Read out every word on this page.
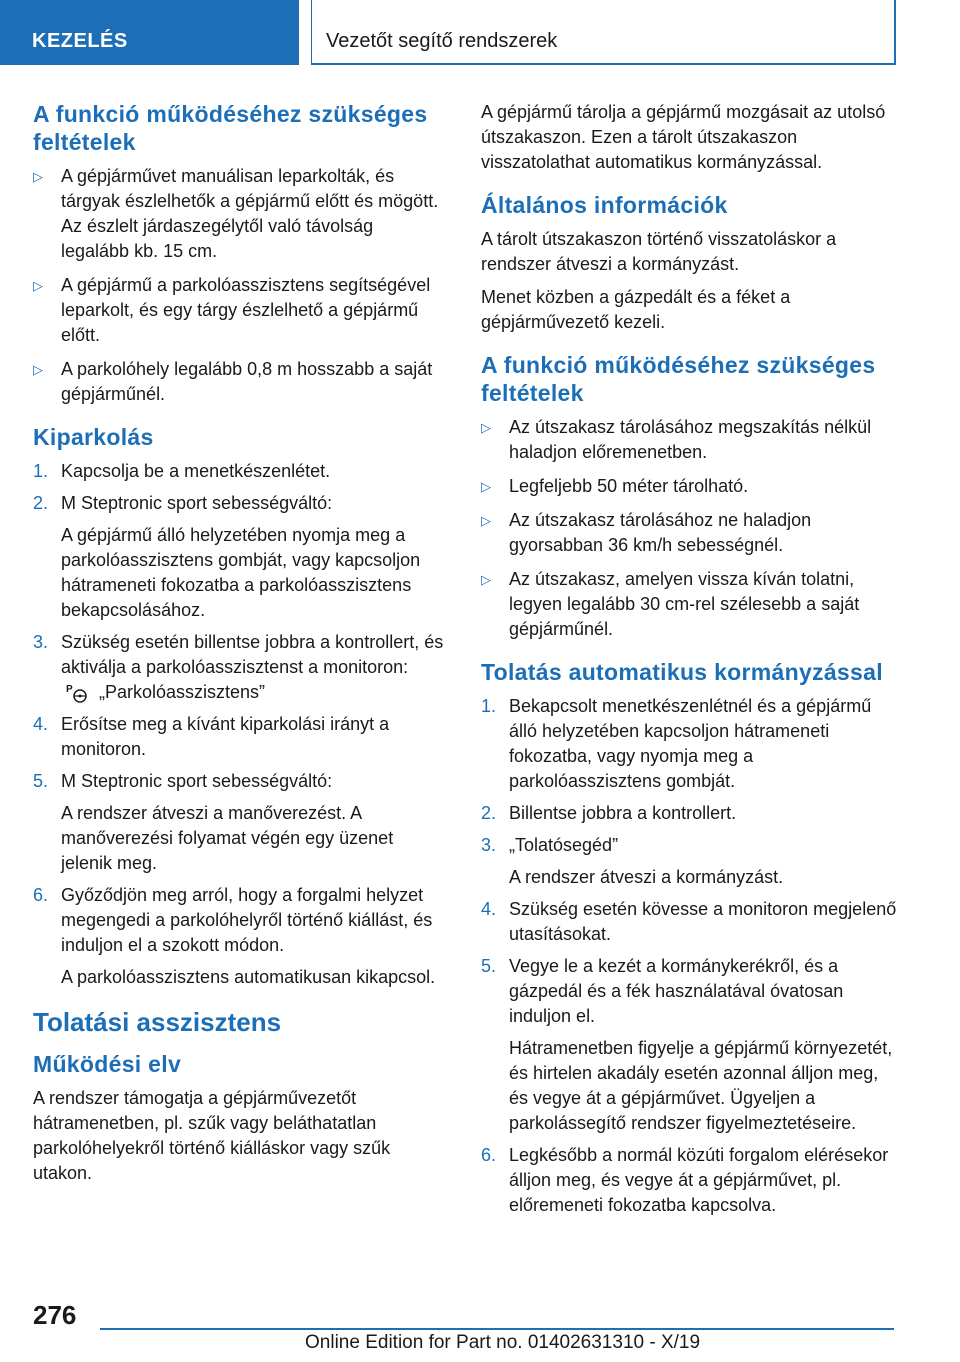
KEZELÉS	Vezetőt segítő rendszerek
A funkció működéséhez szükséges feltételek
▷ A gépjárművet manuálisan leparkolták, és tárgyak észlelhetők a gépjármű előtt és mögött. Az észlelt járdaszegélytől való távolság legalább kb. 15 cm.
▷ A gépjármű a parkolóasszisztens segítségével leparkolt, és egy tárgy észlelhető a gépjármű előtt.
▷ A parkolóhely legalább 0,8 m hosszabb a saját gépjárműnél.
Kiparkolás
1. Kapcsolja be a menetkészenlétet.
2. M Steptronic sport sebességváltó:
A gépjármű álló helyzetében nyomja meg a parkolóasszisztens gombját, vagy kapcsoljon hátrameneti fokozatba a parkolóasszisztens bekapcsolásához.
3. Szükség esetén billentse jobbra a kontrollert, és aktiválja a parkolóasszisztenst a monitoron:
P „Parkolóasszisztens”
4. Erősítse meg a kívánt kiparkolási irányt a monitoron.
5. M Steptronic sport sebességváltó:
A rendszer átveszi a manőverezést. A manőverezési folyamat végén egy üzenet jelenik meg.
6. Győződjön meg arról, hogy a forgalmi helyzet megengedi a parkolóhelyről történő kiállást, és induljon el a szokott módon.
A parkolóasszisztens automatikusan kikapcsol.
Tolatási asszisztens
Működési elv

A rendszer támogatja a gépjárművezetőt hátramenetben, pl. szűk vagy beláthatatlan parkolóhelyekről történő kiálláskor vagy szűk utakon.

A gépjármű tárolja a gépjármű mozgásait az utolsó útszakaszon. Ezen a tárolt útszakaszon visszatolathat automatikus kormányzással.

Általános információk

A tárolt útszakaszon történő visszatoláskor a rendszer átveszi a kormányzást.

Menet közben a gázpedált és a féket a gépjárművezető kezeli.

A funkció működéséhez szükséges feltételek
▷ Az útszakasz tárolásához megszakítás nélkül haladjon előremenetben.
▷ Legfeljebb 50 méter tárolható.
▷ Az útszakasz tárolásához ne haladjon gyorsabban 36 km/h sebességnél.
▷ Az útszakasz, amelyen vissza kíván tolatni, legyen legalább 30 cm-rel szélesebb a saját gépjárműnél.
Tolatás automatikus kormányzással
1. Bekapcsolt menetkészenlétnél és a gépjármű álló helyzetében kapcsoljon hátrameneti fokozatba, vagy nyomja meg a parkolóasszisztens gombját.
2. Billentse jobbra a kontrollert.
3. „Tolatósegéd”
A rendszer átveszi a kormányzást.
4. Szükség esetén kövesse a monitoron megjelenő utasításokat.
5. Vegye le a kezét a kormánykerékről, és a gázpedál és a fék használatával óvatosan induljon el.
Hátramenetben figyelje a gépjármű környezetét, és hirtelen akadály esetén azonnal álljon meg, és vegye át a gépjárművet. Ügyeljen a parkolássegítő rendszer figyelmeztetéseire.
6. Legkésőbb a normál közúti forgalom elérésekor álljon meg, és vegye át a gépjárművet, pl. előremeneti fokozatba kapcsolva.
276
Online Edition for Part no. 01402631310 - X/19
